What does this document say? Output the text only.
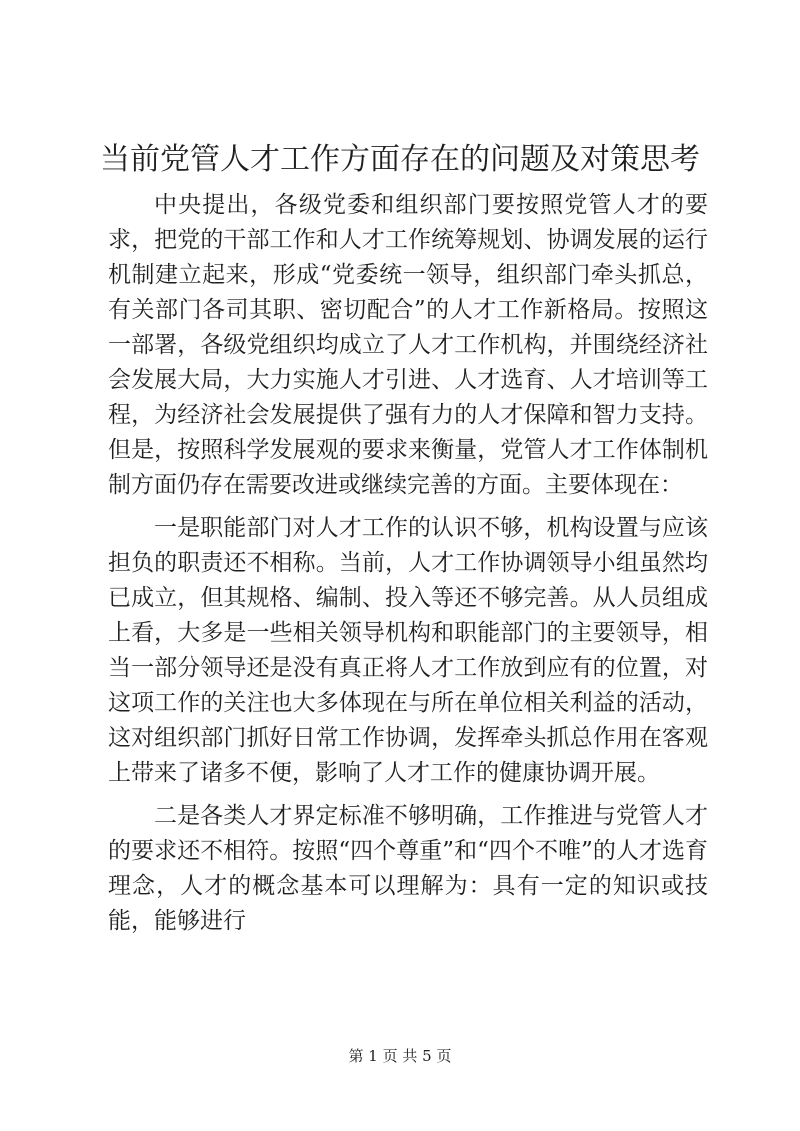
当前党管人才工作方面存在的问题及对策思考

中央提出，各级党委和组织部门要按照党管人才的要求，把党的干部工作和人才工作统筹规划、协调发展的运行机制建立起来，形成“党委统一领导，组织部门牵头抓总，有关部门各司其职、密切配合”的人才工作新格局。按照这一部署，各级党组织均成立了人才工作机构，并围绕经济社会发展大局，大力实施人才引进、人才选育、人才培训等工程，为经济社会发展提供了强有力的人才保障和智力支持。但是，按照科学发展观的要求来衡量，党管人才工作体制机制方面仍存在需要改进或继续完善的方面。主要体现在：

一是职能部门对人才工作的认识不够，机构设置与应该担负的职责还不相称。当前，人才工作协调领导小组虽然均已成立，但其规格、编制、投入等还不够完善。从人员组成上看，大多是一些相关领导机构和职能部门的主要领导，相当一部分领导还是没有真正将人才工作放到应有的位置，对这项工作的关注也大多体现在与所在单位相关利益的活动，这对组织部门抓好日常工作协调，发挥牵头抓总作用在客观上带来了诸多不便，影响了人才工作的健康协调开展。

二是各类人才界定标准不够明确，工作推进与党管人才的要求还不相符。按照“四个尊重”和“四个不唯”的人才选育理念，人才的概念基本可以理解为：具有一定的知识或技能，能够进行

第 1 页 共 5 页
